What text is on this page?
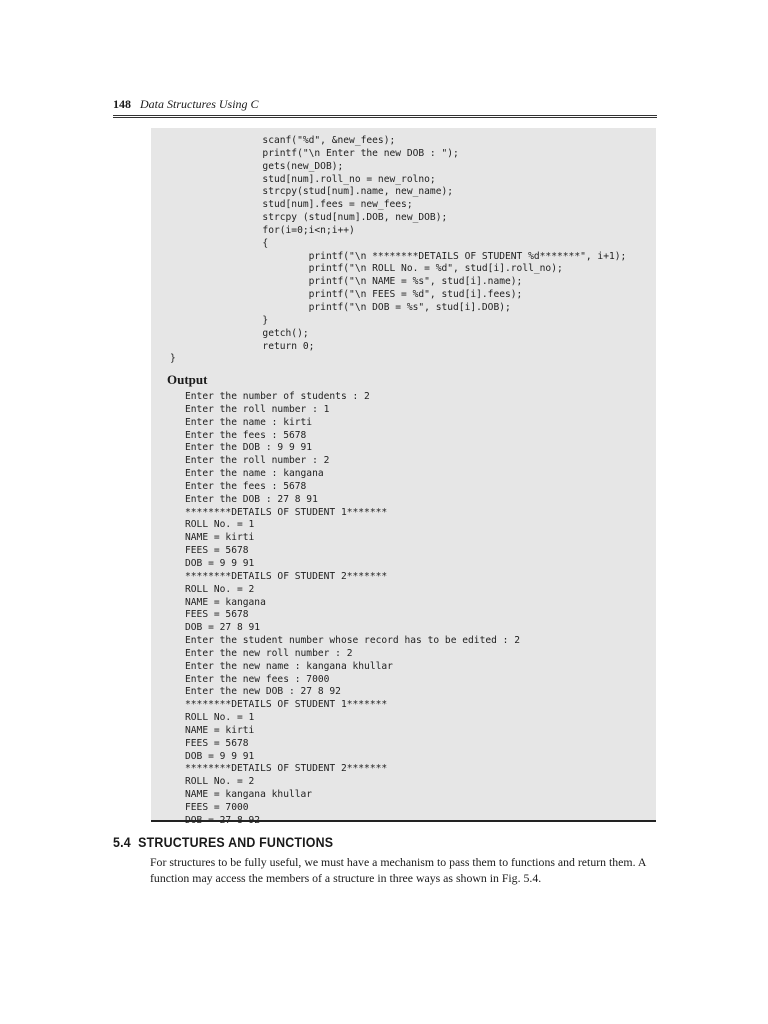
148 Data Structures Using C
scanf("%d", &new_fees);
printf("\n Enter the new DOB : ");
gets(new_DOB);
stud[num].roll_no = new_rolno;
strcpy(stud[num].name, new_name);
stud[num].fees = new_fees;
strcpy (stud[num].DOB, new_DOB);
for(i=0;i<n;i++)
{
printf("\n ********DETAILS OF STUDENT %d*******", i+1);
printf("\n ROLL No. = %d", stud[i].roll_no);
printf("\n NAME = %s", stud[i].name);
printf("\n FEES = %d", stud[i].fees);
printf("\n DOB = %s", stud[i].DOB);
}
getch();
return 0;
}
Output
Enter the number of students : 2
Enter the roll number : 1
Enter the name : kirti
Enter the fees : 5678
Enter the DOB : 9 9 91
Enter the roll number : 2
Enter the name : kangana
Enter the fees : 5678
Enter the DOB : 27 8 91
********DETAILS OF STUDENT 1*******
ROLL No. = 1
NAME = kirti
FEES = 5678
DOB = 9 9 91
********DETAILS OF STUDENT 2*******
ROLL No. = 2
NAME = kangana
FEES = 5678
DOB = 27 8 91
Enter the student number whose record has to be edited : 2
Enter the new roll number : 2
Enter the new name : kangana khullar
Enter the new fees : 7000
Enter the new DOB : 27 8 92
********DETAILS OF STUDENT 1*******
ROLL No. = 1
NAME = kirti
FEES = 5678
DOB = 9 9 91
********DETAILS OF STUDENT 2*******
ROLL No. = 2
NAME = kangana khullar
FEES = 7000
5.4 STRUCTURES AND FUNCTIONS
For structures to be fully useful, we must have a mechanism to pass them to functions and return them. A function may access the members of a structure in three ways as shown in Fig. 5.4.
